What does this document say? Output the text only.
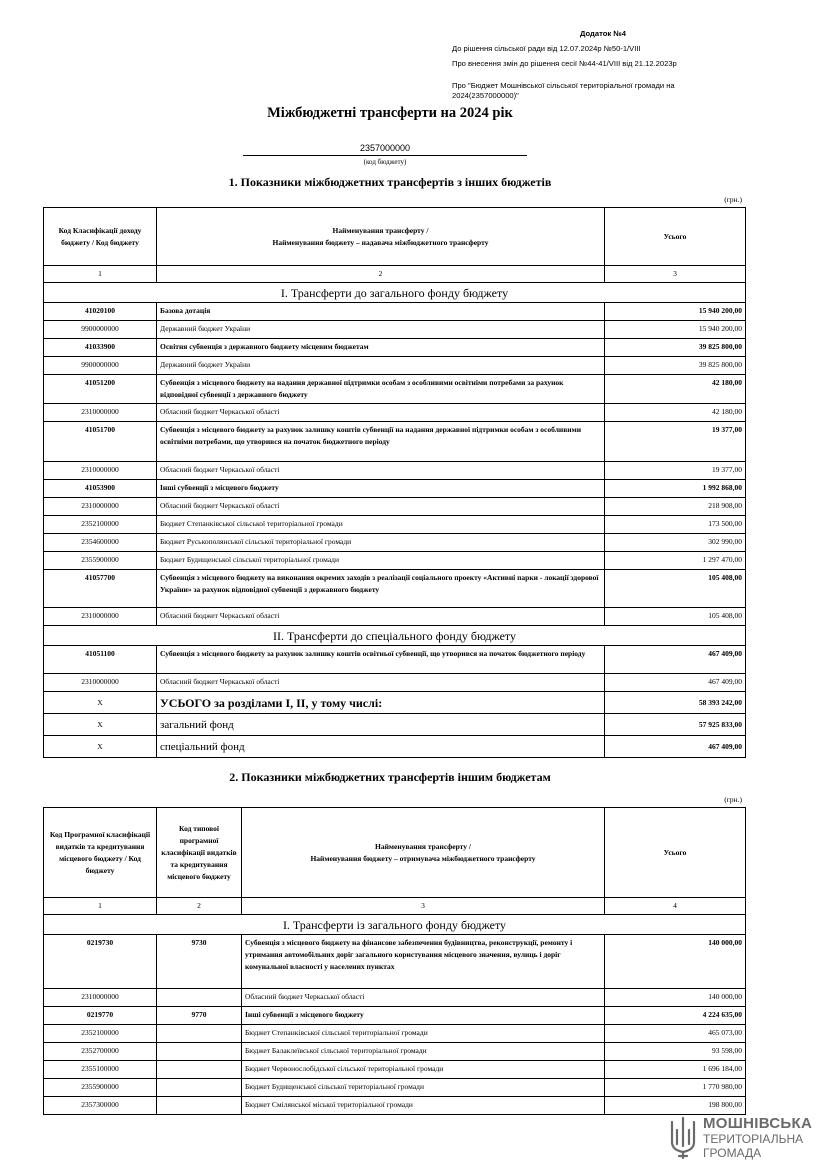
Додаток №4
До рішення сільської ради від 12.07.2024р №50-1/VIII
Про внесення змін до рішення сесії №44-41/VIII від 21.12.2023р
Про "Бюджет Мошнівської сільської територіальної громади на
2024(2357000000)"
Міжбюджетні трансферти на 2024 рік
2357000000
(код бюджету)
1. Показники міжбюджетних трансфертів з інших бюджетів
(грн.)
Код Класифікації доходу бюджету / Код бюджету	Найменування трансферту /
Найменування бюджету – надавача міжбюджетного трансферту	Усього
1	2	3
I. Трансферти до загального фонду бюджету		
41020100	Базова дотація	15 940 200,00
9900000000	Державний бюджет України	15 940 200,00
41033900	Освітня субвенція з державного бюджету місцевим бюджетам	39 825 800,00
9900000000	Державний бюджет України	39 825 800,00
41051200	Субвенція з місцевого бюджету на надання державної підтримки особам з особливими освітніми потребами за рахунок відповідної субвенції з державного бюджету	42 180,00
2310000000	Обласний бюджет Черкаської області	42 180,00
41051700	Субвенція з місцевого бюджету за рахунок залишку коштів субвенції на надання державної підтримки особам з особливими освітніми потребами, що утворився на початок бюджетного періоду	19 377,00
2310000000	Обласний бюджет Черкаської області	19 377,00
41053900	Інші субвенції з місцевого бюджету	1 992 868,00
2310000000	Обласний бюджет Черкаської області	218 908,00
2352100000	Бюджет Степанківської сільської територіальної громади	173 500,00
2354600000	Бюджет Руськополянської сільської територіальної громади	302 990,00
2355900000	Бюджет Будищенської сільської територіальної громади	1 297 470,00
41057700	Субвенція з місцевого бюджету на виконання окремих заходів з реалізації соціального проекту «Активні парки - локації здорової України» за рахунок відповідної субвенції з державного бюджету	105 408,00
2310000000	Обласний бюджет Черкаської області	105 408,00
II. Трансферти до спеціального фонду бюджету		
41051100	Субвенція з місцевого бюджету за рахунок залишку коштів освітньої субвенції, що утворився на початок бюджетного періоду	467 409,00
2310000000	Обласний бюджет Черкаської області	467 409,00
X	УСЬОГО за розділами І, ІІ, у тому числі:	58 393 242,00
X	загальний фонд	57 925 833,00
X	спеціальний фонд	467 409,00
2. Показники міжбюджетних трансфертів іншим бюджетам
(грн.)
Код Програмної класифікації видатків та кредитування місцевого бюджету / Код бюджету	Код типової програмної класифікації видатків та кредитування місцевого бюджету	Найменування трансферту /
Найменування бюджету – отримувача міжбюджетного трансферту	Усього
1	2	3	4
I. Трансферти із загального фонду бюджету			
0219730	9730	Субвенція з місцевого бюджету на фінансове забезпечення будівництва, реконструкції, ремонту і утримання автомобільних доріг загального користування місцевого значення, вулиць і доріг комунальної власності у населених пунктах	140 000,00
2310000000		Обласний бюджет Черкаської області	140 000,00
0219770	9770	Інші субвенції з місцевого бюджету	4 224 635,00
2352100000		Бюджет Степанківської сільської територіальної громади	465 073,00
2352700000		Бюджет Балаклеївської сільської територіальної громади	93 598,00
2355100000		Бюджет Червонослобідської сільської територіальної громади	1 696 184,00
2355900000		Бюджет Будищенської сільської територіальної громади	1 770 980,00
2357300000		Бюджет Смілянської міської територіальної громади	198 800,00
МОШНІВСЬКА
ТЕРИТОРІАЛЬНА
ГРОМАДА
